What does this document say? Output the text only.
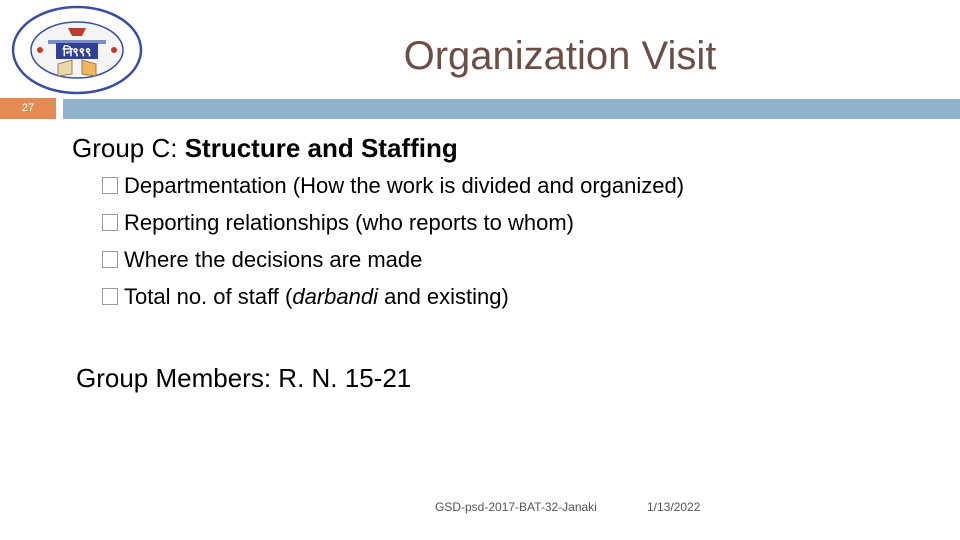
नि९९९	Organization Visit
27
Group C: Structure and Staffing
Departmentation (How the work is divided and organized)
Reporting relationships (who reports to whom)
Where the decisions are made
Total no. of staff (darbandi and existing)
Group Members: R. N. 15-21
GSD-psd-2017-BAT-32-Janaki	1/13/2022
